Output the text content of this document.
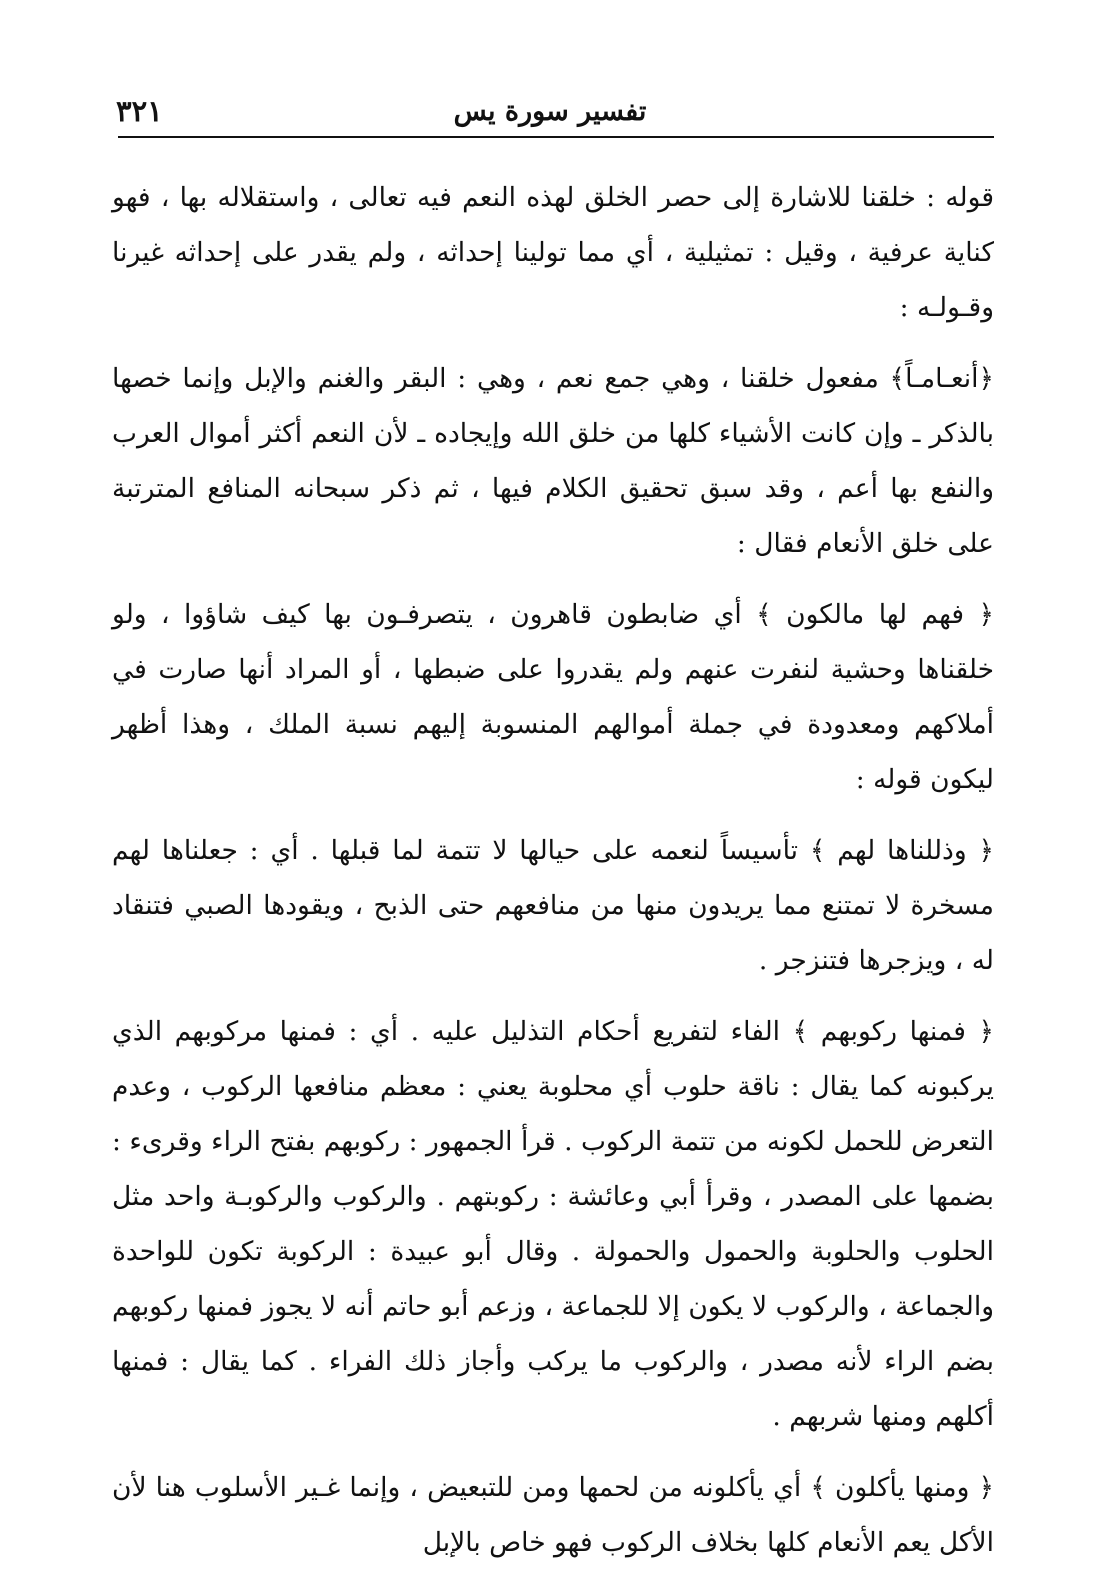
٣٢١	تفسير سورة يس

قوله : خلقنا للاشارة إلى حصر الخلق لهذه النعم فيه تعالى ، واستقلاله بها ، فهو كناية عرفية ، وقيل : تمثيلية ، أي مما تولينا إحداثه ، ولم يقدر على إحداثه غيرنا وقـولـه :

﴿أنعـامـاً﴾ مفعول خلقنا ، وهي جمع نعم ، وهي : البقر والغنم والإبل وإنما خصها بالذكر ـ وإن كانت الأشياء كلها من خلق الله وإيجاده ـ لأن النعم أكثر أموال العرب والنفع بها أعم ، وقد سبق تحقيق الكلام فيها ، ثم ذكر سبحانه المنافع المترتبة على خلق الأنعام فقال :

﴿ فهم لها مالكون ﴾ أي ضابطون قاهرون ، يتصرفـون بها كيف شاؤوا ، ولو خلقناها وحشية لنفرت عنهم ولم يقدروا على ضبطها ، أو المراد أنها صارت في أملاكهم ومعدودة في جملة أموالهم المنسوبة إليهم نسبة الملك ، وهذا أظهر ليكون قوله :

﴿ وذللناها لهم ﴾ تأسيساً لنعمه على حيالها لا تتمة لما قبلها . أي : جعلناها لهم مسخرة لا تمتنع مما يريدون منها من منافعهم حتى الذبح ، ويقودها الصبي فتنقاد له ، ويزجرها فتنزجر .

﴿ فمنها ركوبهم ﴾ الفاء لتفريع أحكام التذليل عليه . أي : فمنها مركوبهم الذي يركبونه كما يقال : ناقة حلوب أي محلوبة يعني : معظم منافعها الركوب ، وعدم التعرض للحمل لكونه من تتمة الركوب . قرأ الجمهور : ركوبهم بفتح الراء وقرىء : بضمها على المصدر ، وقرأ أبي وعائشة : ركوبتهم . والركوب والركوبـة واحد مثل الحلوب والحلوبة والحمول والحمولة . وقال أبو عبيدة : الركوبة تكون للواحدة والجماعة ، والركوب لا يكون إلا للجماعة ، وزعم أبو حاتم أنه لا يجوز فمنها ركوبهم بضم الراء لأنه مصدر ، والركوب ما يركب وأجاز ذلك الفراء . كما يقال : فمنها أكلهم ومنها شربهم .

﴿ ومنها يأكلون ﴾ أي يأكلونه من لحمها ومن للتبعيض ، وإنما غـير الأسلوب هنا لأن الأكل يعم الأنعام كلها بخلاف الركوب فهو خاص بالإبل
